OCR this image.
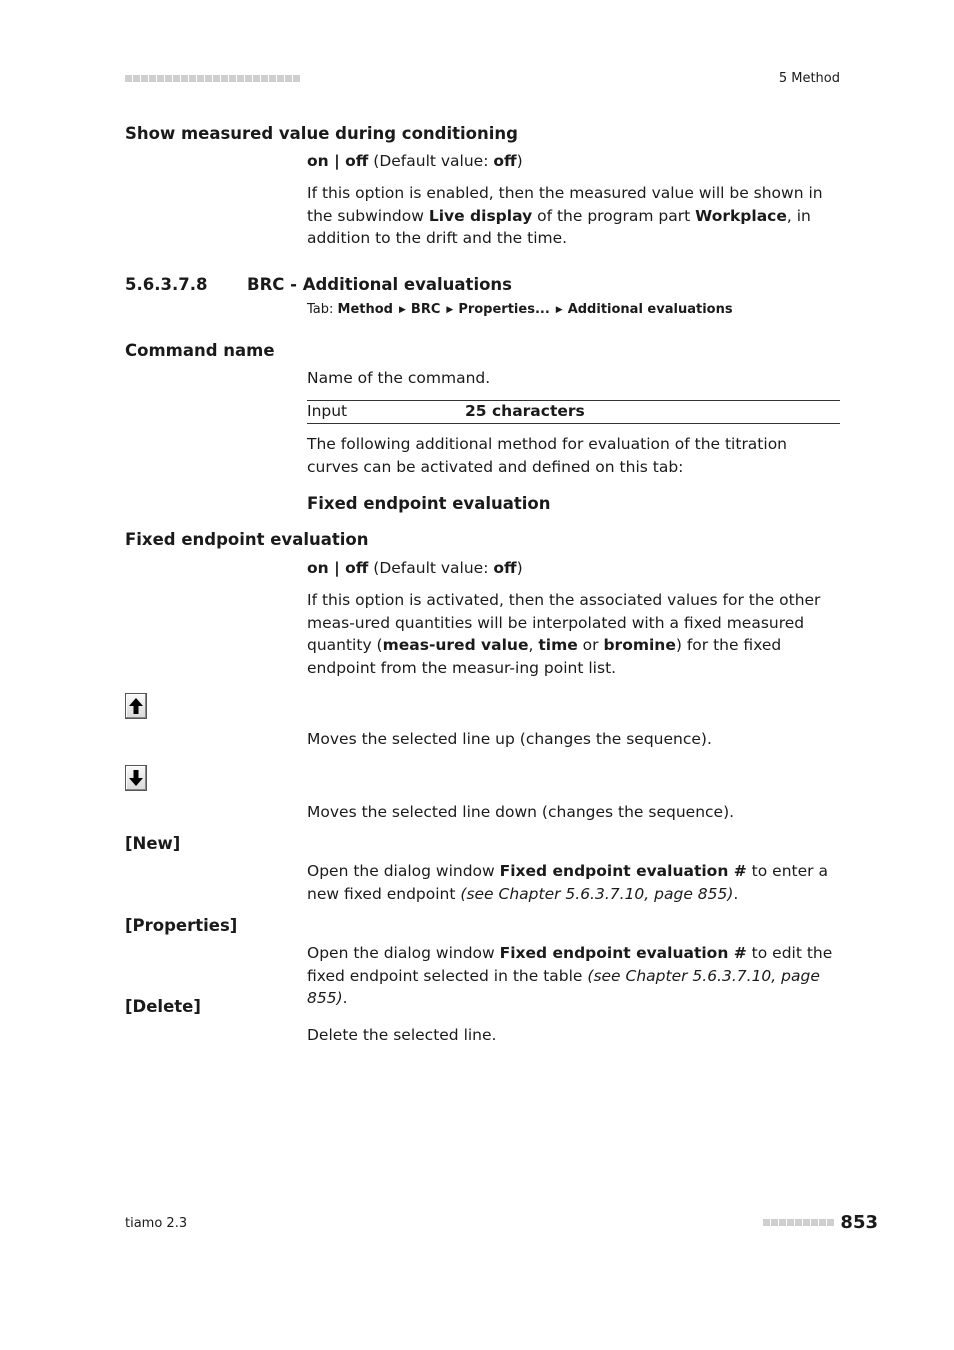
5 Method
Show measured value during conditioning
on | off (Default value: off)
If this option is enabled, then the measured value will be shown in the subwindow Live display of the program part Workplace, in addition to the drift and the time.
5.6.3.7.8 BRC - Additional evaluations
Tab: Method ▶ BRC ▶ Properties... ▶ Additional evaluations
Command name
Name of the command.
Input	25 characters
The following additional method for evaluation of the titration curves can be activated and defined on this tab:
Fixed endpoint evaluation
Fixed endpoint evaluation
on | off (Default value: off)
If this option is activated, then the associated values for the other meas-ured quantities will be interpolated with a fixed measured quantity (meas-ured value, time or bromine) for the fixed endpoint from the measur-ing point list.
Moves the selected line up (changes the sequence).
Moves the selected line down (changes the sequence).
[New]
Open the dialog window Fixed endpoint evaluation # to enter a new fixed endpoint (see Chapter 5.6.3.7.10, page 855).
[Properties]
Open the dialog window Fixed endpoint evaluation # to edit the fixed endpoint selected in the table (see Chapter 5.6.3.7.10, page 855).
[Delete]
Delete the selected line.
tiamo 2.3	853
